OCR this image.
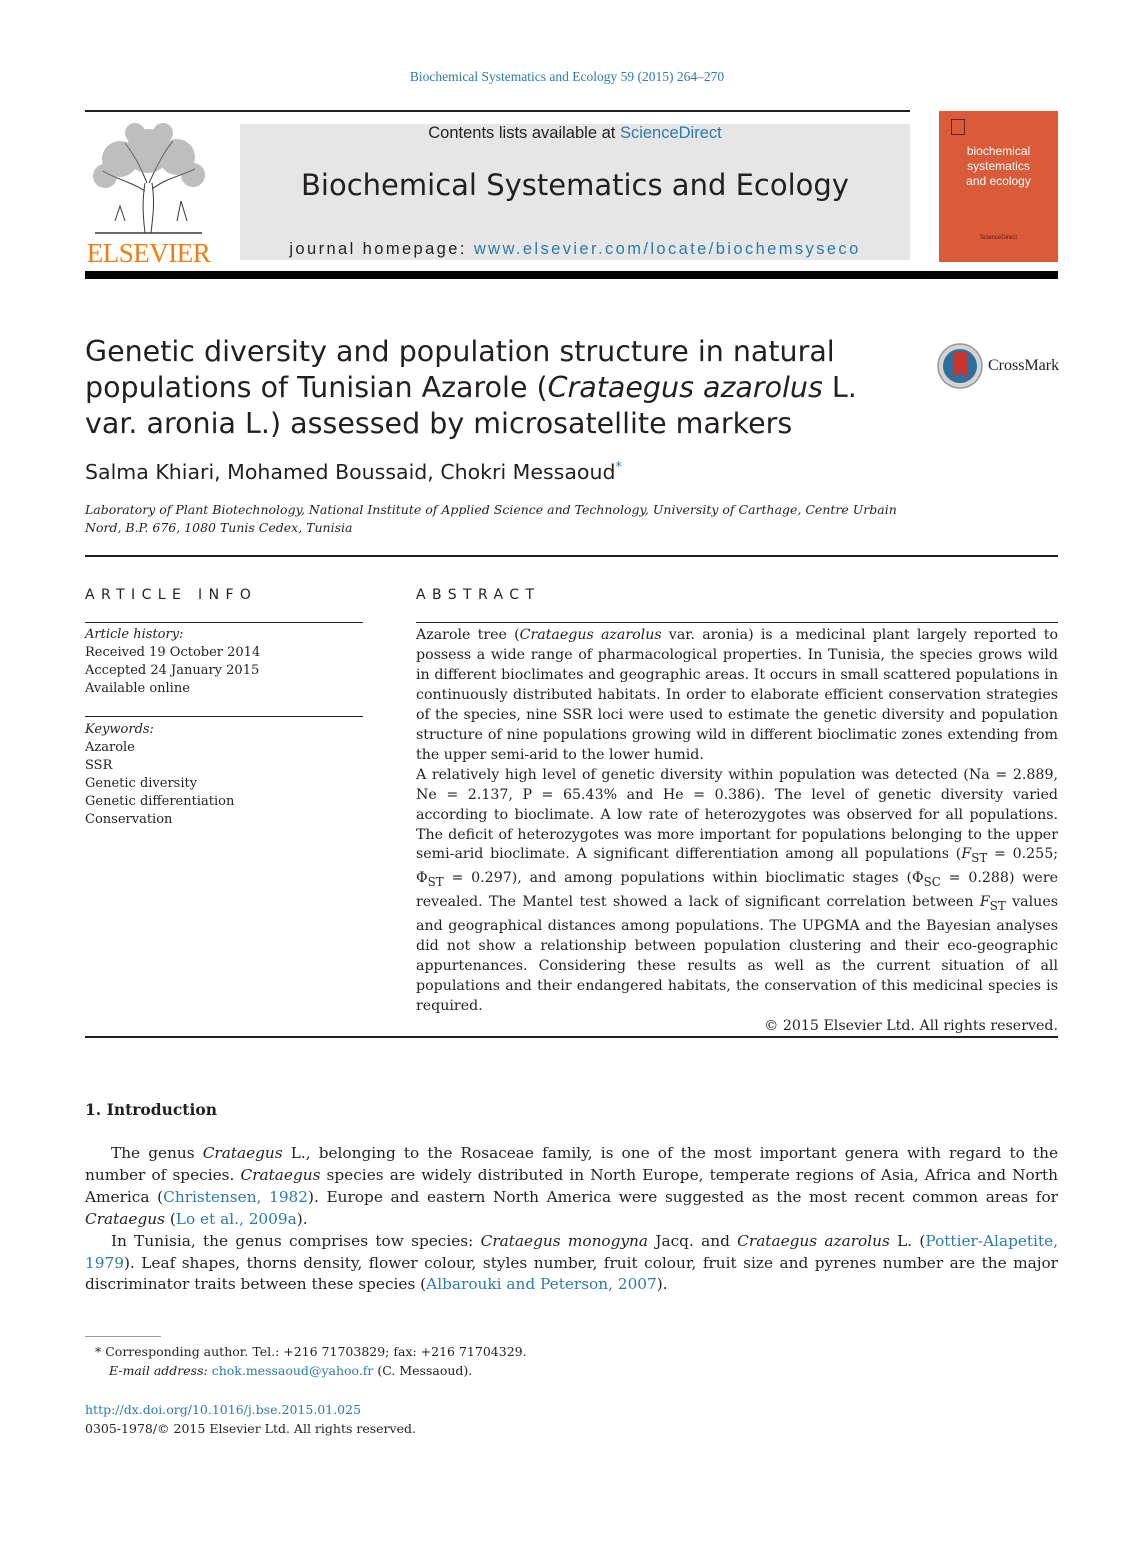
Biochemical Systematics and Ecology 59 (2015) 264–270
ELSEVIER
Contents lists available at ScienceDirect
Biochemical Systematics and Ecology
journal homepage: www.elsevier.com/locate/biochemsyseco
biochemical
systematics
and ecology
ScienceDirect
Genetic diversity and population structure in natural populations of Tunisian Azarole (Crataegus azarolus L. var. aronia L.) assessed by microsatellite markers
CrossMark
Salma Khiari, Mohamed Boussaid, Chokri Messaoud*
Laboratory of Plant Biotechnology, National Institute of Applied Science and Technology, University of Carthage, Centre Urbain Nord, B.P. 676, 1080 Tunis Cedex, Tunisia
ARTICLE INFO
Article history:
Received 19 October 2014
Accepted 24 January 2015
Available online
Keywords:
Azarole
SSR
Genetic diversity
Genetic differentiation
Conservation
ABSTRACT

Azarole tree (Crataegus azarolus var. aronia) is a medicinal plant largely reported to possess a wide range of pharmacological properties. In Tunisia, the species grows wild in different bioclimates and geographic areas. It occurs in small scattered populations in continuously distributed habitats. In order to elaborate efficient conservation strategies of the species, nine SSR loci were used to estimate the genetic diversity and population structure of nine populations growing wild in different bioclimatic zones extending from the upper semi-arid to the lower humid.

A relatively high level of genetic diversity within population was detected (Na = 2.889, Ne = 2.137, P = 65.43% and He = 0.386). The level of genetic diversity varied according to bioclimate. A low rate of heterozygotes was observed for all populations. The deficit of heterozygotes was more important for populations belonging to the upper semi-arid bioclimate. A significant differentiation among all populations ($F_{ST} = 0.255$; $\Phi_{ST} = 0.297$), and among populations within bioclimatic stages $(\Phi_{SC} = 0.288)$ were revealed. The Mantel test showed a lack of significant correlation between $F_{ST}$ values and geographical distances among populations. The UPGMA and the Bayesian analyses did not show a relationship between population clustering and their eco-geographic appurtenances. Considering these results as well as the current situation of all populations and their endangered habitats, the conservation of this medicinal species is required.

© 2015 Elsevier Ltd. All rights reserved.

1. Introduction

The genus Crataegus L., belonging to the Rosaceae family, is one of the most important genera with regard to the number of species. Crataegus species are widely distributed in North Europe, temperate regions of Asia, Africa and North America (Christensen, 1982). Europe and eastern North America were suggested as the most recent common areas for Crataegus (Lo et al., 2009a).

In Tunisia, the genus comprises tow species: Crataegus monogyna Jacq. and Crataegus azarolus L. (Pottier-Alapetite, 1979). Leaf shapes, thorns density, flower colour, styles number, fruit colour, fruit size and pyrenes number are the major discriminator traits between these species (Albarouki and Peterson, 2007).

* Corresponding author. Tel.: +216 71703829; fax: +216 71704329.
E-mail address: chok.messaoud@yahoo.fr (C. Messaoud).
http://dx.doi.org/10.1016/j.bse.2015.01.025
0305-1978/© 2015 Elsevier Ltd. All rights reserved.
